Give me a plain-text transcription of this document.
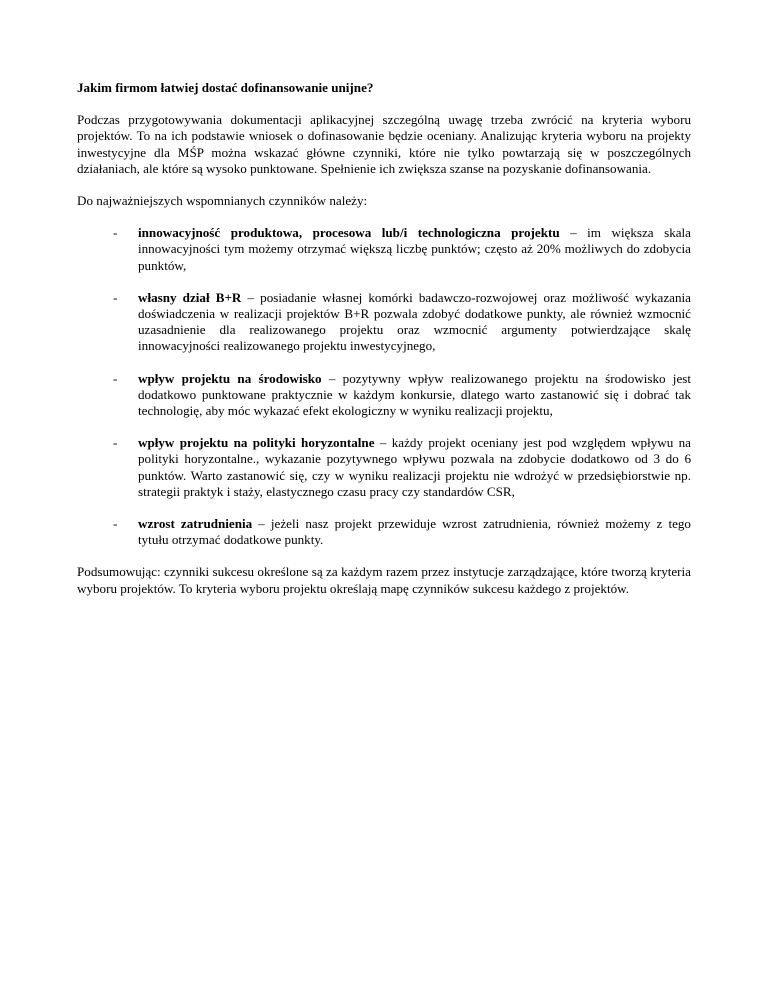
Jakim firmom łatwiej dostać dofinansowanie unijne?

Podczas przygotowywania dokumentacji aplikacyjnej szczególną uwagę trzeba zwrócić na kryteria wyboru projektów. To na ich podstawie wniosek o dofinasowanie będzie oceniany. Analizując kryteria wyboru na projekty inwestycyjne dla MŚP można wskazać główne czynniki, które nie tylko powtarzają się w poszczególnych działaniach, ale które są wysoko punktowane. Spełnienie ich zwiększa szanse na pozyskanie dofinansowania.

Do najważniejszych wspomnianych czynników należy:

- innowacyjność produktowa, procesowa lub/i technologiczna projektu – im większa skala innowacyjności tym możemy otrzymać większą liczbę punktów; często aż 20% możliwych do zdobycia punktów,
- własny dział B+R – posiadanie własnej komórki badawczo-rozwojowej oraz możliwość wykazania doświadczenia w realizacji projektów B+R pozwala zdobyć dodatkowe punkty, ale również wzmocnić uzasadnienie dla realizowanego projektu oraz wzmocnić argumenty potwierdzające skalę innowacyjności realizowanego projektu inwestycyjnego,
- wpływ projektu na środowisko – pozytywny wpływ realizowanego projektu na środowisko jest dodatkowo punktowane praktycznie w każdym konkursie, dlatego warto zastanowić się i dobrać tak technologię, aby móc wykazać efekt ekologiczny w wyniku realizacji projektu,
- wpływ projektu na polityki horyzontalne – każdy projekt oceniany jest pod względem wpływu na polityki horyzontalne., wykazanie pozytywnego wpływu pozwala na zdobycie dodatkowo od 3 do 6 punktów. Warto zastanowić się, czy w wyniku realizacji projektu nie wdrożyć w przedsiębiorstwie np. strategii praktyk i staży, elastycznego czasu pracy czy standardów CSR,
- wzrost zatrudnienia – jeżeli nasz projekt przewiduje wzrost zatrudnienia, również możemy z tego tytułu otrzymać dodatkowe punkty.

Podsumowując: czynniki sukcesu określone są za każdym razem przez instytucje zarządzające, które tworzą kryteria wyboru projektów. To kryteria wyboru projektu określają mapę czynników sukcesu każdego z projektów.
